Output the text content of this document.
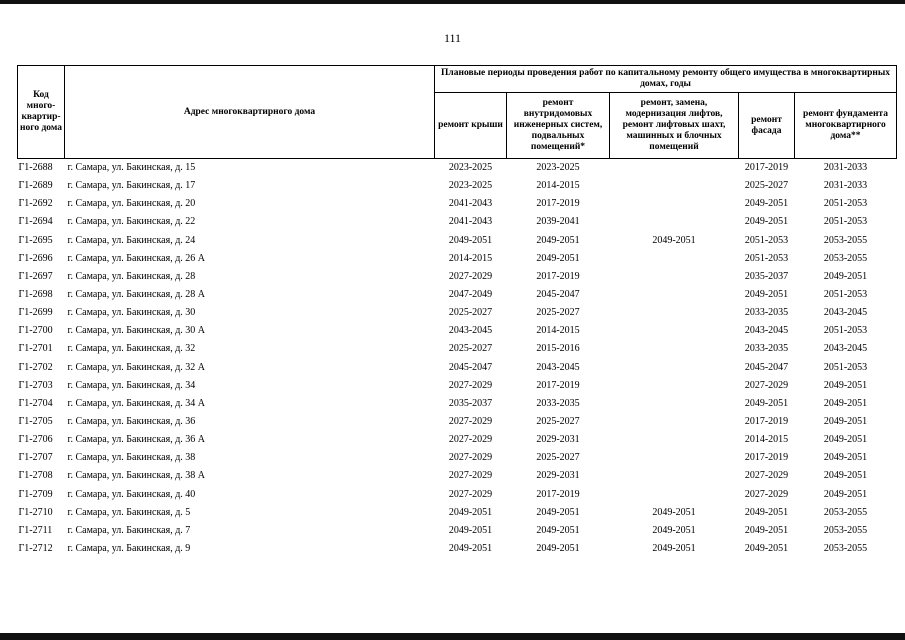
111
Код много-квартир-ного дома	Адрес многоквартирного дома	Плановые периоды проведения работ по капитальному ремонту общего имущества в многоквартирных домах, годы				
		ремонт крыши	ремонт внутридомовых инженерных систем, подвальных помещений*	ремонт, замена, модернизация лифтов, ремонт лифтовых шахт, машинных и блочных помещений	ремонт фасада	ремонт фундамента многоквартирного дома**
Г1-2688	г. Самара, ул. Бакинская, д. 15	2023-2025	2023-2025		2017-2019	2031-2033
Г1-2689	г. Самара, ул. Бакинская, д. 17	2023-2025	2014-2015		2025-2027	2031-2033
Г1-2692	г. Самара, ул. Бакинская, д. 20	2041-2043	2017-2019		2049-2051	2051-2053
Г1-2694	г. Самара, ул. Бакинская, д. 22	2041-2043	2039-2041		2049-2051	2051-2053
Г1-2695	г. Самара, ул. Бакинская, д. 24	2049-2051	2049-2051	2049-2051	2051-2053	2053-2055
Г1-2696	г. Самара, ул. Бакинская, д. 26 А	2014-2015	2049-2051		2051-2053	2053-2055
Г1-2697	г. Самара, ул. Бакинская, д. 28	2027-2029	2017-2019		2035-2037	2049-2051
Г1-2698	г. Самара, ул. Бакинская, д. 28 А	2047-2049	2045-2047		2049-2051	2051-2053
Г1-2699	г. Самара, ул. Бакинская, д. 30	2025-2027	2025-2027		2033-2035	2043-2045
Г1-2700	г. Самара, ул. Бакинская, д. 30 А	2043-2045	2014-2015		2043-2045	2051-2053
Г1-2701	г. Самара, ул. Бакинская, д. 32	2025-2027	2015-2016		2033-2035	2043-2045
Г1-2702	г. Самара, ул. Бакинская, д. 32 А	2045-2047	2043-2045		2045-2047	2051-2053
Г1-2703	г. Самара, ул. Бакинская, д. 34	2027-2029	2017-2019		2027-2029	2049-2051
Г1-2704	г. Самара, ул. Бакинская, д. 34 А	2035-2037	2033-2035		2049-2051	2049-2051
Г1-2705	г. Самара, ул. Бакинская, д. 36	2027-2029	2025-2027		2017-2019	2049-2051
Г1-2706	г. Самара, ул. Бакинская, д. 36 А	2027-2029	2029-2031		2014-2015	2049-2051
Г1-2707	г. Самара, ул. Бакинская, д. 38	2027-2029	2025-2027		2017-2019	2049-2051
Г1-2708	г. Самара, ул. Бакинская, д. 38 А	2027-2029	2029-2031		2027-2029	2049-2051
Г1-2709	г. Самара, ул. Бакинская, д. 40	2027-2029	2017-2019		2027-2029	2049-2051
Г1-2710	г. Самара, ул. Бакинская, д. 5	2049-2051	2049-2051	2049-2051	2049-2051	2053-2055
Г1-2711	г. Самара, ул. Бакинская, д. 7	2049-2051	2049-2051	2049-2051	2049-2051	2053-2055
Г1-2712	г. Самара, ул. Бакинская, д. 9	2049-2051	2049-2051	2049-2051	2049-2051	2053-2055
